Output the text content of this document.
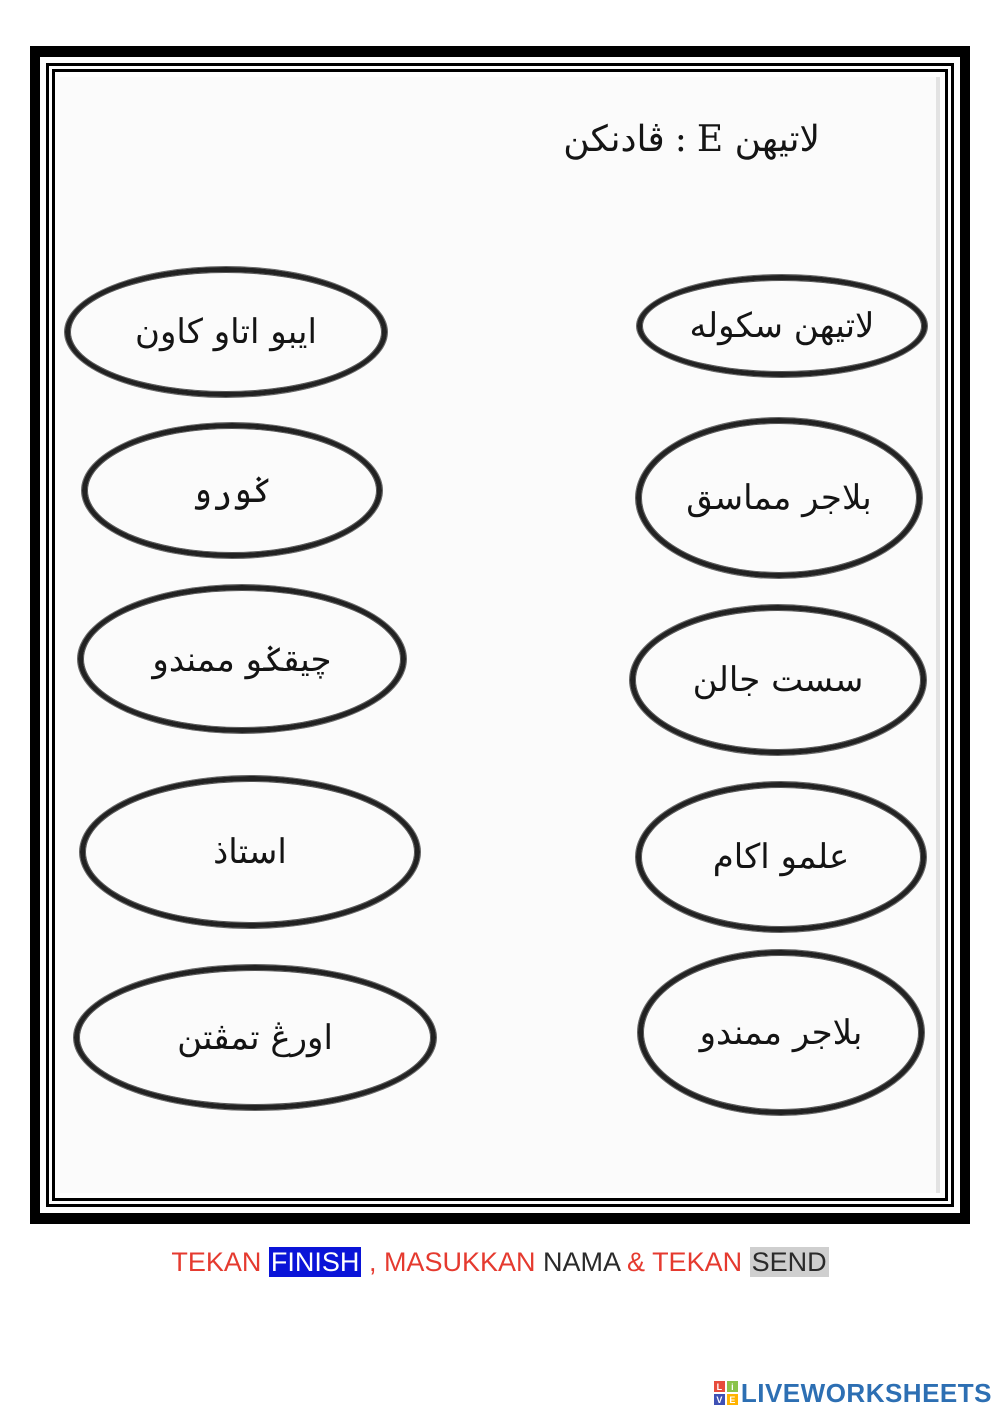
لاتيهن E:ڤادنكن
ايبو اتاو كاون
ݢورو
چيقݢو ممندو
استاذ
اورڠ تمڤتن
لاتيهن سكوله
بلاجر مماسق
سست جالن
علمو اكام
بلاجر ممندو
TEKAN FINISH , MASUKKAN NAMA & TEKAN SEND
L i
V E LIVEWORKSHEETS
